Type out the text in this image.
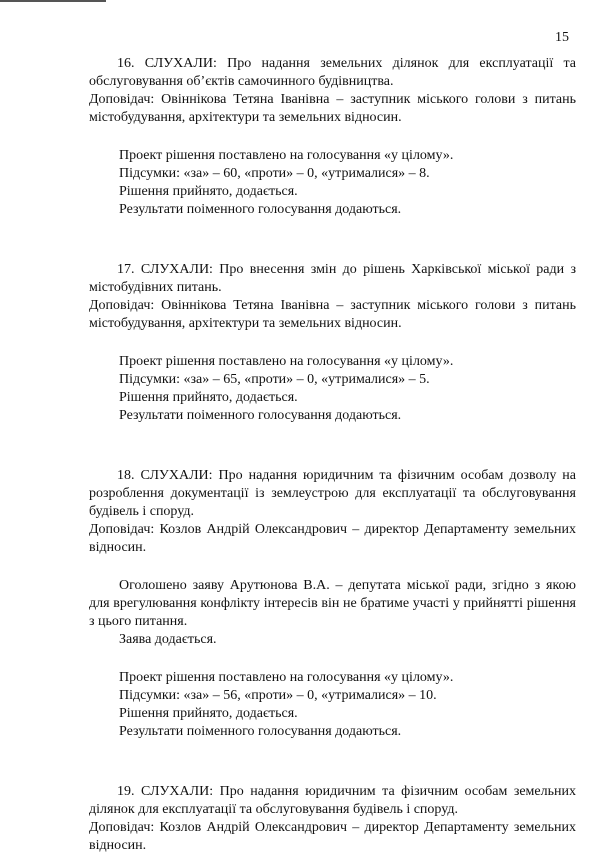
15
16. СЛУХАЛИ: Про надання земельних ділянок для експлуатації та обслуговування об’єктів самочинного будівництва.
Доповідач: Овіннікова Тетяна Іванівна – заступник міського голови з питань містобудування, архітектури та земельних відносин.
Проект рішення поставлено на голосування «у цілому».
Підсумки: «за» – 60, «проти» – 0, «утрималися» – 8.
Рішення прийнято, додається.
Результати поіменного голосування додаються.
17. СЛУХАЛИ: Про внесення змін до рішень Харківської міської ради з містобудівних питань.
Доповідач: Овіннікова Тетяна Іванівна – заступник міського голови з питань містобудування, архітектури та земельних відносин.
Проект рішення поставлено на голосування «у цілому».
Підсумки: «за» – 65, «проти» – 0, «утрималися» – 5.
Рішення прийнято, додається.
Результати поіменного голосування додаються.
18. СЛУХАЛИ: Про надання юридичним та фізичним особам дозволу на розроблення документації із землеустрою для експлуатації та обслуговування будівель і споруд.
Доповідач: Козлов Андрій Олександрович – директор Департаменту земельних відносин.
Оголошено заяву Арутюнова В.А. – депутата міської ради, згідно з якою для врегулювання конфлікту інтересів він не братиме участі у прийнятті рішення з цього питання.
Заява додається.
Проект рішення поставлено на голосування «у цілому».
Підсумки: «за» – 56, «проти» – 0, «утрималися» – 10.
Рішення прийнято, додається.
Результати поіменного голосування додаються.
19. СЛУХАЛИ: Про надання юридичним та фізичним особам земельних ділянок для експлуатації та обслуговування будівель і споруд.
Доповідач: Козлов Андрій Олександрович – директор Департаменту земельних відносин.
